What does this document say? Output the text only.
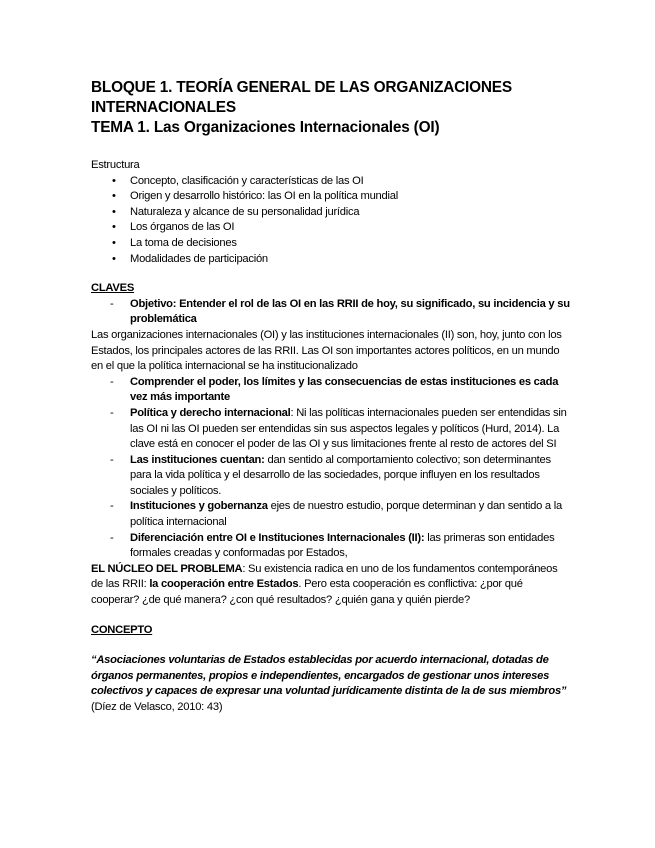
BLOQUE 1. TEORÍA GENERAL DE LAS ORGANIZACIONES
INTERNACIONALES
TEMA 1. Las Organizaciones Internacionales (OI)
Estructura
• Concepto, clasificación y características de las OI
• Origen y desarrollo histórico: las OI en la política mundial
• Naturaleza y alcance de su personalidad jurídica
• Los órganos de las OI
• La toma de decisiones
• Modalidades de participación
CLAVES
- Objetivo: Entender el rol de las OI en las RRII de hoy, su significado, su incidencia y su problemática
Las organizaciones internacionales (OI) y las instituciones internacionales (II) son, hoy, junto con los Estados, los principales actores de las RRII. Las OI son importantes actores políticos, en un mundo en el que la política internacional se ha institucionalizado
- Comprender el poder, los límites y las consecuencias de estas instituciones es cada vez más importante
- Política y derecho internacional: Ni las políticas internacionales pueden ser entendidas sin las OI ni las OI pueden ser entendidas sin sus aspectos legales y políticos (Hurd, 2014). La clave está en conocer el poder de las OI y sus limitaciones frente al resto de actores del SI
- Las instituciones cuentan: dan sentido al comportamiento colectivo; son determinantes para la vida política y el desarrollo de las sociedades, porque influyen en los resultados sociales y políticos.
- Instituciones y gobernanza ejes de nuestro estudio, porque determinan y dan sentido a la política internacional
- Diferenciación entre OI e Instituciones Internacionales (II): las primeras son entidades formales creadas y conformadas por Estados,
EL NÚCLEO DEL PROBLEMA: Su existencia radica en uno de los fundamentos contemporáneos de las RRII: la cooperación entre Estados. Pero esta cooperación es conflictiva: ¿por qué cooperar? ¿de qué manera? ¿con qué resultados? ¿quién gana y quién pierde?
CONCEPTO
“Asociaciones voluntarias de Estados establecidas por acuerdo internacional, dotadas de órganos permanentes, propios e independientes, encargados de gestionar unos intereses colectivos y capaces de expresar una voluntad jurídicamente distinta de la de sus miembros” (Díez de Velasco, 2010: 43)
